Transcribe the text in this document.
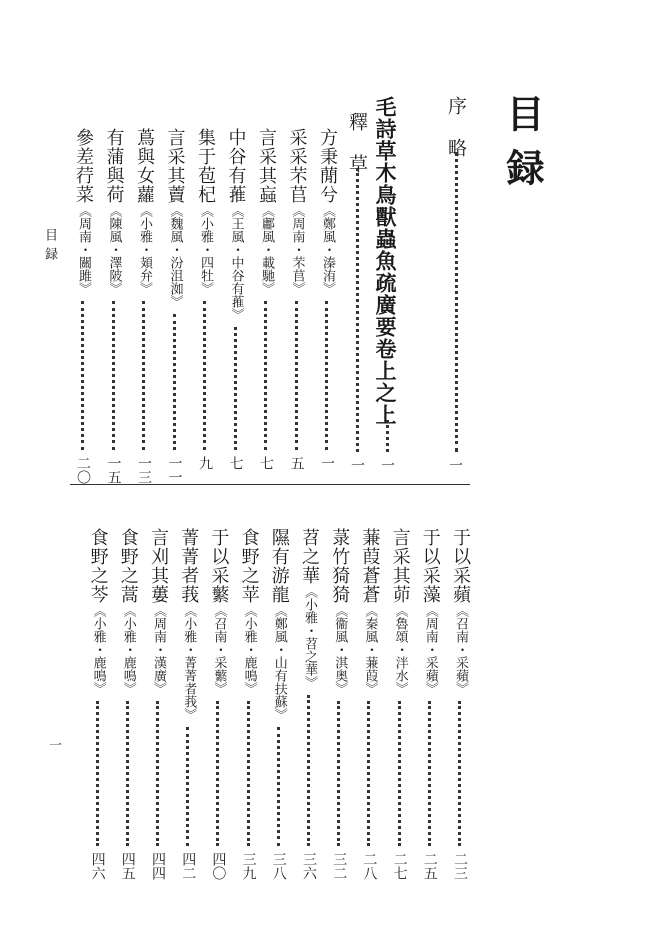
目録
序　略
一
毛詩草木鳥獸蟲魚疏廣要卷上之上
一
釋　草
一
方秉蕑兮《鄭風・溱洧》
一
采采芣苢《周南・芣苢》
五
言采其蝱《鄘風・載馳》
七
中谷有蓷《王風・中谷有蓷》
七
集于苞杞《小雅・四牡》
九
言采其藚《魏風・汾沮洳》
一一
蔦與女蘿《小雅・頍弁》
一三
有蒲與荷《陳風・澤陂》
一五
參差荇菜《周南・關雎》
二〇
于以采蘋《召南・采蘋》
二三
于以采藻《周南・采蘋》
二五
言采其茆《魯頌・泮水》
二七
蒹葭蒼蒼《秦風・蒹葭》
二八
菉竹猗猗《衞風・淇奥》
三二
苕之華《小雅・苕之華》
三六
隰有游龍《鄭風・山有扶蘇》
三八
食野之苹《小雅・鹿鳴》
三九
于以采蘩《召南・采蘩》
四〇
菁菁者莪《小雅・菁菁者莪》
四二
言刈其蔞《周南・漢廣》
四四
食野之蒿《小雅・鹿鳴》
四五
食野之芩《小雅・鹿鳴》
四六
目録
一
